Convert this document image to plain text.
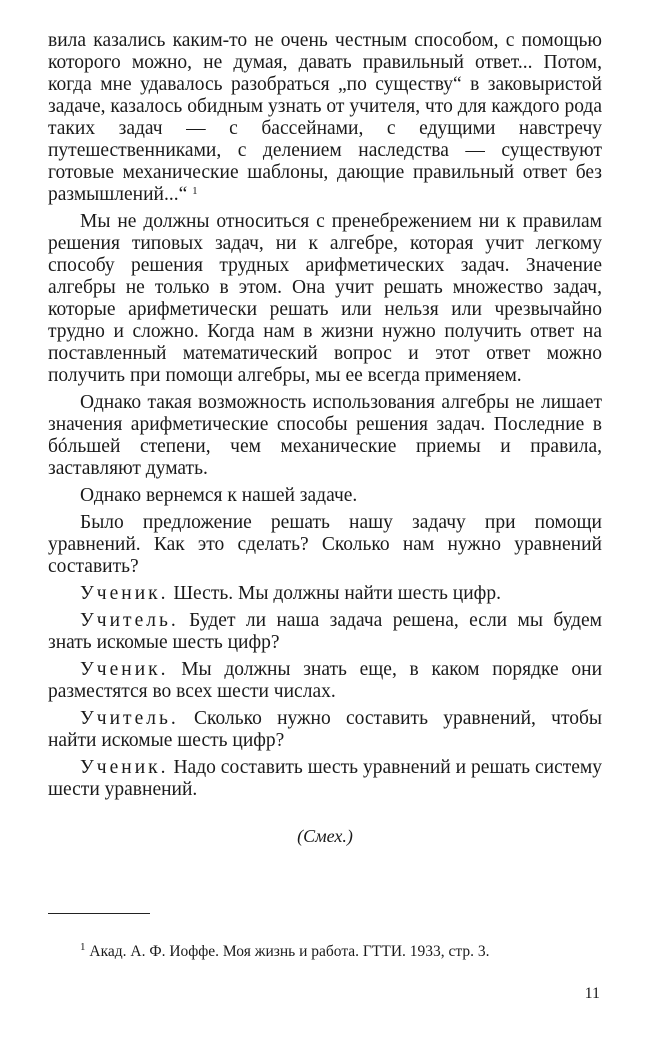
вила казались каким-то не очень честным способом, с помощью которого можно, не думая, давать правильный ответ... Потом, когда мне удавалось разобраться „по существу“ в заковыристой задаче, казалось обидным узнать от учителя, что для каждого рода таких задач — с бассейнами, с едущими навстречу путешественниками, с делением наследства — существуют готовые механические шаблоны, дающие правильный ответ без размышлений...“ $^1$

Мы не должны относиться с пренебрежением ни к правилам решения типовых задач, ни к алгебре, которая учит легкому способу решения трудных арифметических задач. Значение алгебры не только в этом. Она учит решать множество задач, которые арифметически решать или нельзя или чрезвычайно трудно и сложно. Когда нам в жизни нужно получить ответ на поставленный математический вопрос и этот ответ можно получить при помощи алгебры, мы ее всегда применяем.

Однако такая возможность использования алгебры не лишает значения арифметические способы решения задач. Последние в бóльшей степени, чем механические приемы и правила, заставляют думать.

Однако вернемся к нашей задаче.

Было предложение решать нашу задачу при помощи уравнений. Как это сделать? Сколько нам нужно уравнений составить?

Ученик. Шесть. Мы должны найти шесть цифр.

Учитель. Будет ли наша задача решена, если мы будем знать искомые шесть цифр?

Ученик. Мы должны знать еще, в каком порядке они разместятся во всех шести числах.

Учитель. Сколько нужно составить уравнений, чтобы найти искомые шесть цифр?

Ученик. Надо составить шесть уравнений и решать систему шести уравнений.

(Смех.)

$^1$ Акад. А. Ф. Иоффе. Моя жизнь и работа. ГТТИ. 1933, стр. 3.

11
